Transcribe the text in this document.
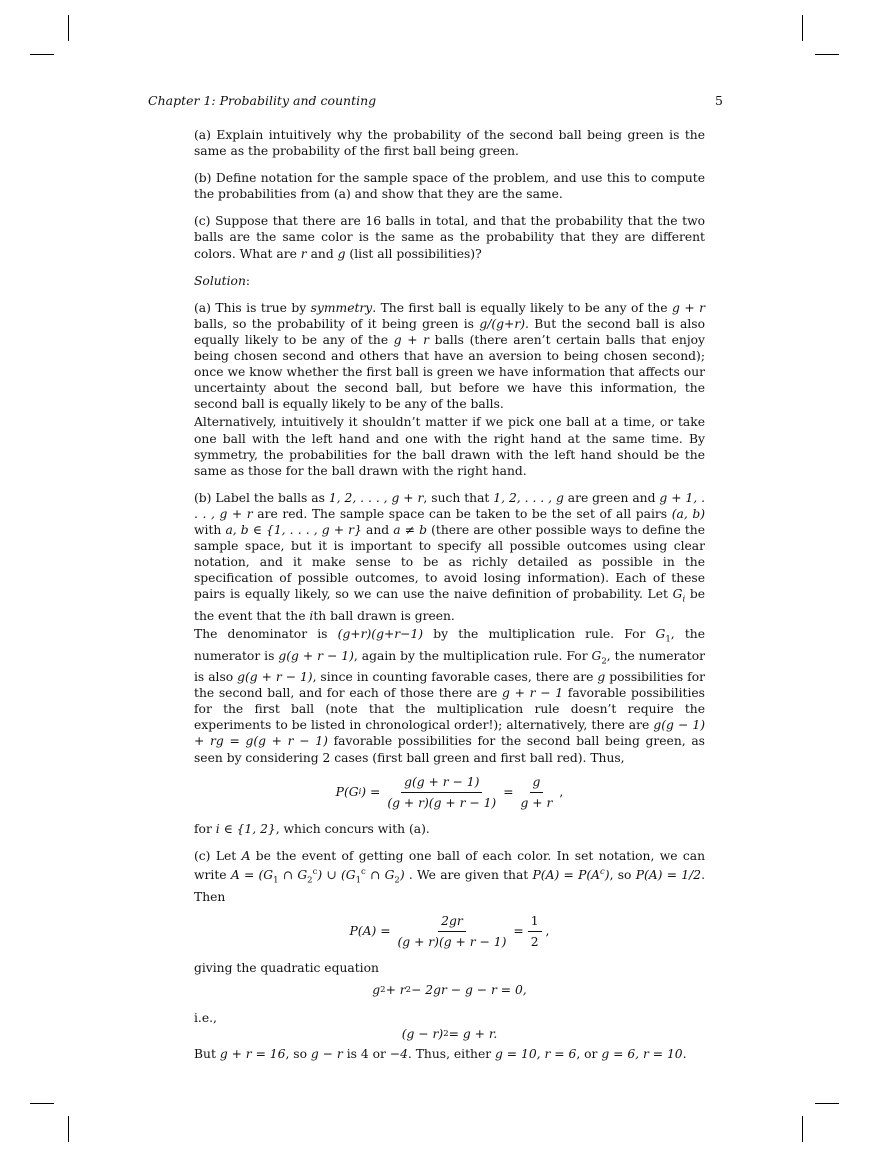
Chapter 1: Probability and counting	5

(a) Explain intuitively why the probability of the second ball being green is the same as the probability of the first ball being green.

(b) Define notation for the sample space of the problem, and use this to compute the probabilities from (a) and show that they are the same.

(c) Suppose that there are 16 balls in total, and that the probability that the two balls are the same color is the same as the probability that they are different colors. What are r and g (list all possibilities)?

Solution:

(a) This is true by symmetry. The first ball is equally likely to be any of the g + r balls, so the probability of it being green is g/(g+r). But the second ball is also equally likely to be any of the g + r balls (there aren’t certain balls that enjoy being chosen second and others that have an aversion to being chosen second); once we know whether the first ball is green we have information that affects our uncertainty about the second ball, but before we have this information, the second ball is equally likely to be any of the balls.

Alternatively, intuitively it shouldn’t matter if we pick one ball at a time, or take one ball with the left hand and one with the right hand at the same time. By symmetry, the probabilities for the ball drawn with the left hand should be the same as those for the ball drawn with the right hand.

(b) Label the balls as 1, 2, . . . , g + r, such that 1, 2, . . . , g are green and g + 1, . . . , g + r are red. The sample space can be taken to be the set of all pairs (a, b) with a, b ∈ {1, . . . , g + r} and a ≠ b (there are other possible ways to define the sample space, but it is important to specify all possible outcomes using clear notation, and it make sense to be as richly detailed as possible in the specification of possible outcomes, to avoid losing information). Each of these pairs is equally likely, so we can use the naive definition of probability. Let $G_i$ be the event that the ith ball drawn is green.

The denominator is (g+r)(g+r−1) by the multiplication rule. For $G_1$, the numerator is g(g + r − 1), again by the multiplication rule. For $G_2$, the numerator is also g(g + r − 1), since in counting favorable cases, there are g possibilities for the second ball, and for each of those there are g + r − 1 favorable possibilities for the first ball (note that the multiplication rule doesn’t require the experiments to be listed in chronological order!); alternatively, there are g(g − 1) + rg = g(g + r − 1) favorable possibilities for the second ball being green, as seen by considering 2 cases (first ball green and first ball red). Thus,

P(G i ) = $\frac{g(g + r - 1)}{(g + r)(g + r - 1)} = \frac{g}{g + r}$ ,

for i ∈ {1, 2}, which concurs with (a).

(c) Let A be the event of getting one ball of each color. In set notation, we can write $A = (G_1$ ∩ $G_2^c$) ∪ ($G_1^c$ ∩ $G_2$) . We are given that $P(A) = P(A^c)$, so P(A) = 1/2. Then

$P(A) = \frac{2gr}{(g + r)(g + r - 1)} = \frac{1}{2}$ ,

giving the quadratic equation

g 2 + r 2 − 2gr − g − r = 0,

i.e.,

(g − r) 2 = g + r.

But g + r = 16, so g − r is 4 or −4. Thus, either g = 10, r = 6, or g = 6, r = 10.
